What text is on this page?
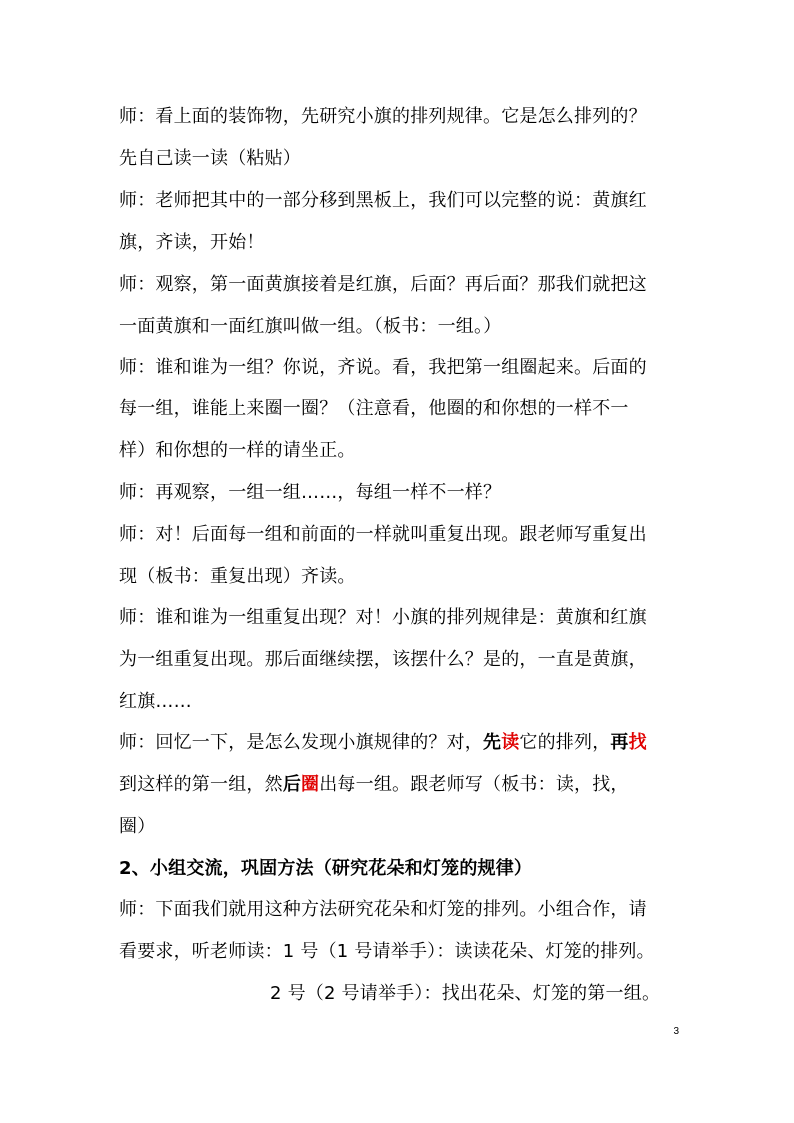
师：看上面的装饰物，先研究小旗的排列规律。它是怎么排列的？
先自己读一读（粘贴）
师：老师把其中的一部分移到黑板上，我们可以完整的说：黄旗红
旗，齐读，开始！
师：观察，第一面黄旗接着是红旗，后面？再后面？那我们就把这
一面黄旗和一面红旗叫做一组。（板书：一组。）
师：谁和谁为一组？你说，齐说。看，我把第一组圈起来。后面的
每一组，谁能上来圈一圈？（注意看，他圈的和你想的一样不一
样）和你想的一样的请坐正。
师：再观察，一组一组……，每组一样不一样？
师：对！后面每一组和前面的一样就叫重复出现。跟老师写重复出
现（板书：重复出现）齐读。
师：谁和谁为一组重复出现？对！小旗的排列规律是：黄旗和红旗
为一组重复出现。那后面继续摆，该摆什么？是的，一直是黄旗，
红旗……
师：回忆一下，是怎么发现小旗规律的？对，先读它的排列，再找
到这样的第一组，然后圈出每一组。跟老师写（板书：读，找，
圈）
2、小组交流，巩固方法（研究花朵和灯笼的规律）
师：下面我们就用这种方法研究花朵和灯笼的排列。小组合作，请
看要求，听老师读：1 号（1 号请举手）：读读花朵、灯笼的排列。
2 号（2 号请举手）：找出花朵、灯笼的第一组。
3
